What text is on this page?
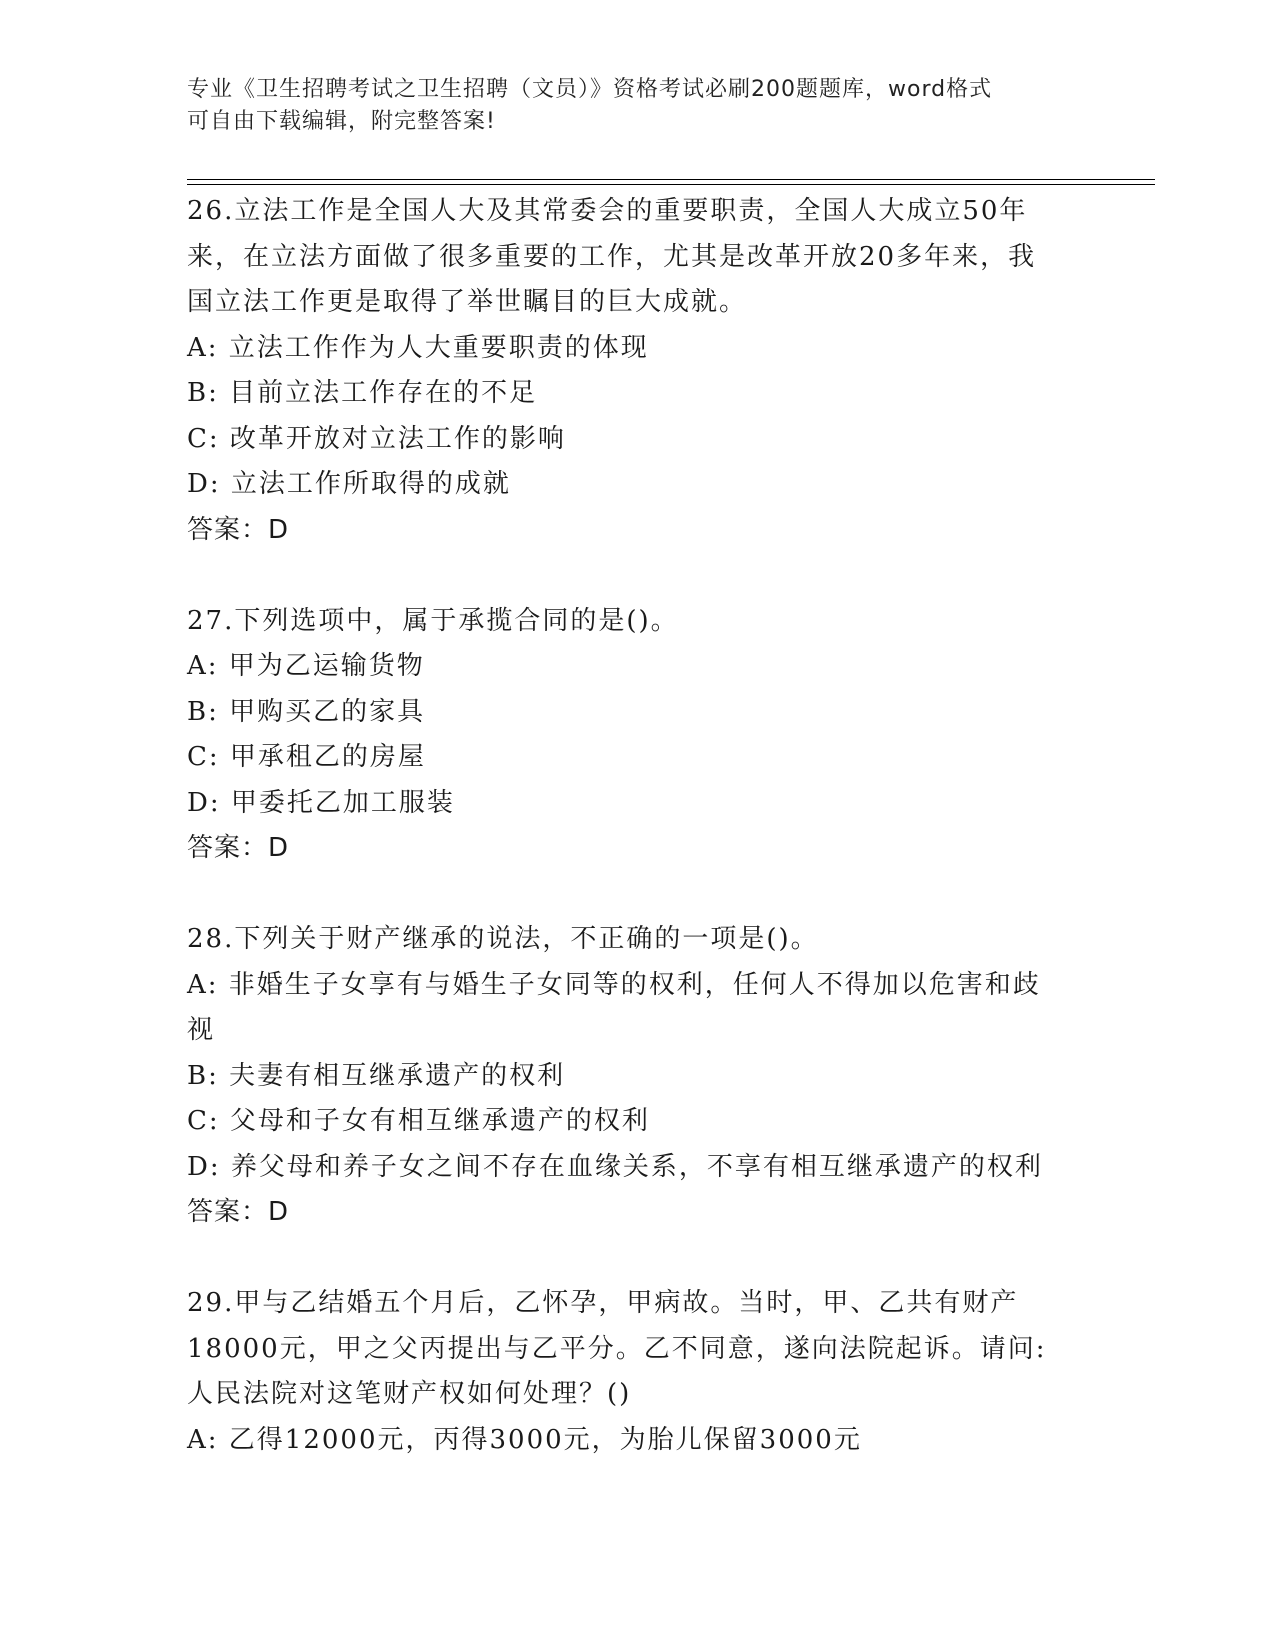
专业《卫生招聘考试之卫生招聘（文员）》资格考试必刷200题题库，word格式
可自由下载编辑，附完整答案!
26.立法工作是全国人大及其常委会的重要职责，全国人大成立50年
来，在立法方面做了很多重要的工作，尤其是改革开放20多年来，我
国立法工作更是取得了举世瞩目的巨大成就。
A: 立法工作作为人大重要职责的体现
B: 目前立法工作存在的不足
C: 改革开放对立法工作的影响
D: 立法工作所取得的成就
答案：D
27.下列选项中，属于承揽合同的是()。
A: 甲为乙运输货物
B: 甲购买乙的家具
C: 甲承租乙的房屋
D: 甲委托乙加工服装
答案：D
28.下列关于财产继承的说法，不正确的一项是()。
A: 非婚生子女享有与婚生子女同等的权利，任何人不得加以危害和歧
视
B: 夫妻有相互继承遗产的权利
C: 父母和子女有相互继承遗产的权利
D: 养父母和养子女之间不存在血缘关系，不享有相互继承遗产的权利
答案：D
29.甲与乙结婚五个月后，乙怀孕，甲病故。当时，甲、乙共有财产
18000元，甲之父丙提出与乙平分。乙不同意，遂向法院起诉。请问:
人民法院对这笔财产权如何处理？()
A: 乙得12000元，丙得3000元，为胎儿保留3000元
